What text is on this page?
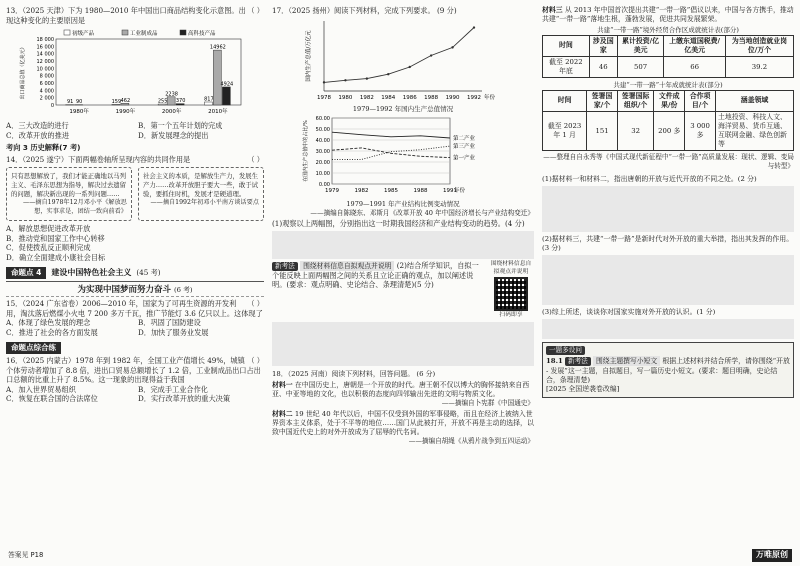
（ ）
13．（2025 天津）下为 1980—2010 年中国出口商品结构变化示意图。出现这种变化的主要原因是
0
2 000
4 000
6 000
8 000
10 000
12 000
14 000
16 000
18 000
出口商品总值（亿美元）
初级产品	工业制成品	高科技产品
91 90
1980年
159 462
1990年
255
2238
370
2000年
817
14962
4924
2010年
A．三大改造的进行	B．第一个五年计划的完成
C．改革开放的推进	D．新发展理念的提出
考向 3 历史解释(7 考)
（ ）
14．（2025 遂宁）下面两幅卷轴所呈现内容的共同作用是
只有思想解放了，我们才能正确地以马列主义、毛泽东思想为指导，解决过去遗留的问题，解决新出现的一系列问题……
——摘自1978年12月邓小平《解放思想，实事求是，团结一致向前看》
社会主义的本质，是解放生产力，发展生产力……改革开放胆子要大一些，敢于试验，要抓住时机，发展才是硬道理。
——摘自1992年初邓小平南方谈话要点
A．解放思想促进改革开放
B．推动党和国家工作中心转移
C．促使拨乱反正顺利完成
D．确立全面建成小康社会目标
命题点 4	建设中国特色社会主义 (45 考)
为实现中国梦而努力奋斗 (6 考)
（ ）
15．（2024 广东省卷）2006—2010 年，国家为了可再生资源的开发利用，淘汰落后燃煤小火电 7 200 多万千瓦，推广节能灯 3.6 亿只以上。这体现了
A．体现了绿色发展的理念	B．巩固了国防建设
C．推进了社会的各方面发展	D．加快了服务业发展
命题点综合练
（ ）
16．（2025 内蒙古）1978 年到 1982 年，全国工业产值增长 49%，城镇个体劳动者增加了 8.8 倍，进出口贸易总额增长了 1.2 倍，工业制成品出口占出口总额的比重上升了 8.5%。这一现象的出现得益于我国
A．加入世界贸易组织	B．完成手工业合作化
C．恢复在联合国的合法席位	D．实行改革开放的重大决策
17．（2025 扬州）阅读下列材料，完成下列要求。 (9 分)
国内生产总值/万亿元
1978 1980 1982 1984 1986 1988 1990 1992 年份
1979—1992 年国内生产总值情况
0.00
10.00
20.00
30.00
40.00
50.00
60.00
在国内生产总值中的占比/%	第二产业
第一产业
第三产业
1979	1982	1985	1988	1991
年份
1979—1991 年产业结构比例变动情况
——摘编自陈晓东、邓斯月《改革开放 40 年中国经济增长与产业结构变迁》
(1)观察以上两幅图，分别指出这一时期我国经济和产业结构变动的趋势。(4 分)
新考法 围绕材料信息自拟观点并说明 (2)结合所学知识，自拟一个能反映上面两幅图之间的关系且立论正确的观点，加以阐述说明。(要求：观点明确、史论结合、条理清楚)(5 分)
围绕材料信息自拟观点并说明
扫码即享
18．（2025 河南）阅读下列材料，回答问题。 (6 分)
材料一 在中国历史上，唐朝是一个开放的时代。唐王朝不仅以博大的胸怀接纳来自西亚、中亚等地的文化，也以积极的态度向四邻输出先进的文明与物质文化。
——摘编自卜宪群《中国通史》
材料二 19 世纪 40 年代以后，中国不仅受到外国的军事侵略，而且在经济上被纳入世界资本主义体系，处于不平等的地位……国门从此被打开，开放不再是主动的选择，以致中国近代史上的对外开放成为了屈辱的代名词。
——摘编自胡绳《从鸦片战争到五四运动》
材料三 从 2013 年中国首次提出共建“一带一路”倡议以来，中国与各方携手，推动共建“一带一路”落地生根，蓬勃发展，促进共同发展繁荣。
共建“一带一路”境外经贸合作区成就统计表(部分)
时间	涉及国家	累计投资/亿美元	上缴东道国税费/亿美元	为当地创造就业岗位/万个
截至 2022 年底	46	507	66	39.2
共建“一带一路”十年成就统计表(部分)
时间	签署国家/个	签署国际组织/个	文件成果/份	合作项目/个	涵盖领域
截至 2023 年 1 月	151	32	200 多	3 000 多	土地投资、科技人文、海洋贸易、货币互通、互联网金融、绿色创新等
——整理自自永秀等《中国式现代新征程中“一带一路”高质量发展：现状、逻辑、变局与转型》
(1)据材料一和材料二，指出唐朝的开放与近代开放的不同之处。(2 分)
(2)据材料三，共建“一带一路”是新时代对外开放的重大举措，指出其发挥的作用。(3 分)
(3)综上所述，谈谈你对国家实施对外开放的认识。(1 分)
一题多设问
18.1 新考法 围绕主题撰写小短文 根据上述材料并结合所学，请你围绕“开放 - 发展”这一主题，自拟题目，写一篇历史小短文。(要求：题目明确，史论结合，条理清楚)
[2025 全国逆袭卷改编]
答案见 P18	万唯原创
